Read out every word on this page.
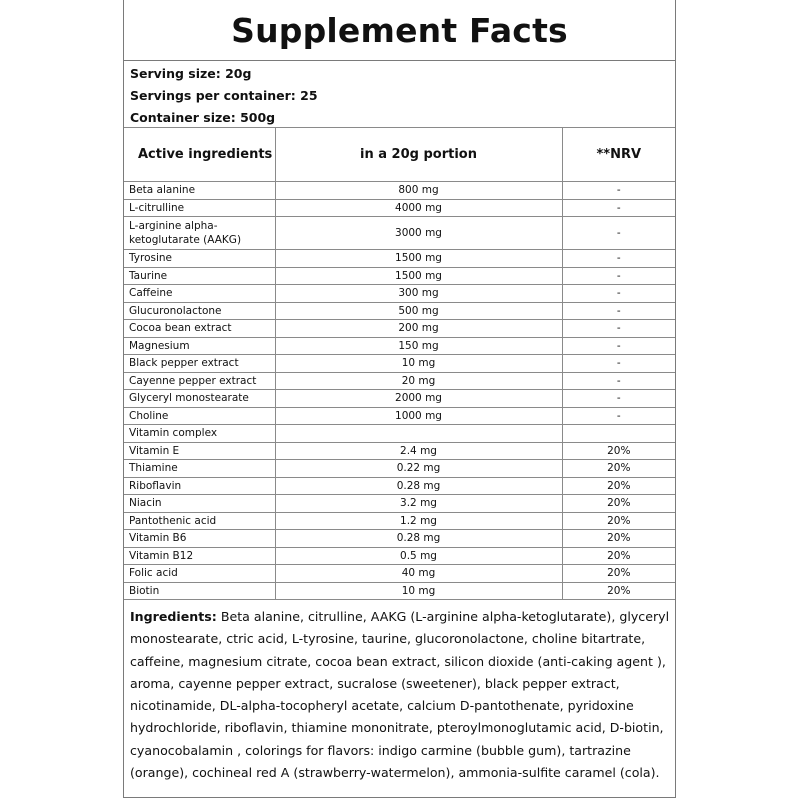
Supplement Facts
Serving size: 20g
Servings per container: 25
Container size: 500g
Active ingredients	in a 20g portion	**NRV
Beta alanine	800 mg	-
L-citrulline	4000 mg	-
L-arginine alpha-ketoglutarate (AAKG)	3000 mg	-
Tyrosine	1500 mg	-
Taurine	1500 mg	-
Caffeine	300 mg	-
Glucuronolactone	500 mg	-
Cocoa bean extract	200 mg	-
Magnesium	150 mg	-
Black pepper extract	10 mg	-
Cayenne pepper extract	20 mg	-
Glyceryl monostearate	2000 mg	-
Choline	1000 mg	-
Vitamin complex		
Vitamin E	2.4 mg	20%
Thiamine	0.22 mg	20%
Riboflavin	0.28 mg	20%
Niacin	3.2 mg	20%
Pantothenic acid	1.2 mg	20%
Vitamin B6	0.28 mg	20%
Vitamin B12	0.5 mg	20%
Folic acid	40 mg	20%
Biotin	10 mg	20%
Ingredients: Beta alanine, citrulline, AAKG (L-arginine alpha-ketoglutarate), glyceryl monostearate, ctric acid, L-tyrosine, taurine, glucoronolactone, choline bitartrate, caffeine, magnesium citrate, cocoa bean extract, silicon dioxide (anti-caking agent ), aroma, cayenne pepper extract, sucralose (sweetener), black pepper extract, nicotinamide, DL-alpha-tocopheryl acetate, calcium D-pantothenate, pyridoxine hydrochloride, riboflavin, thiamine mononitrate, pteroylmonoglutamic acid, D-biotin, cyanocobalamin , colorings for flavors: indigo carmine (bubble gum), tartrazine (orange), cochineal red A (strawberry-watermelon), ammonia-sulfite caramel (cola).
